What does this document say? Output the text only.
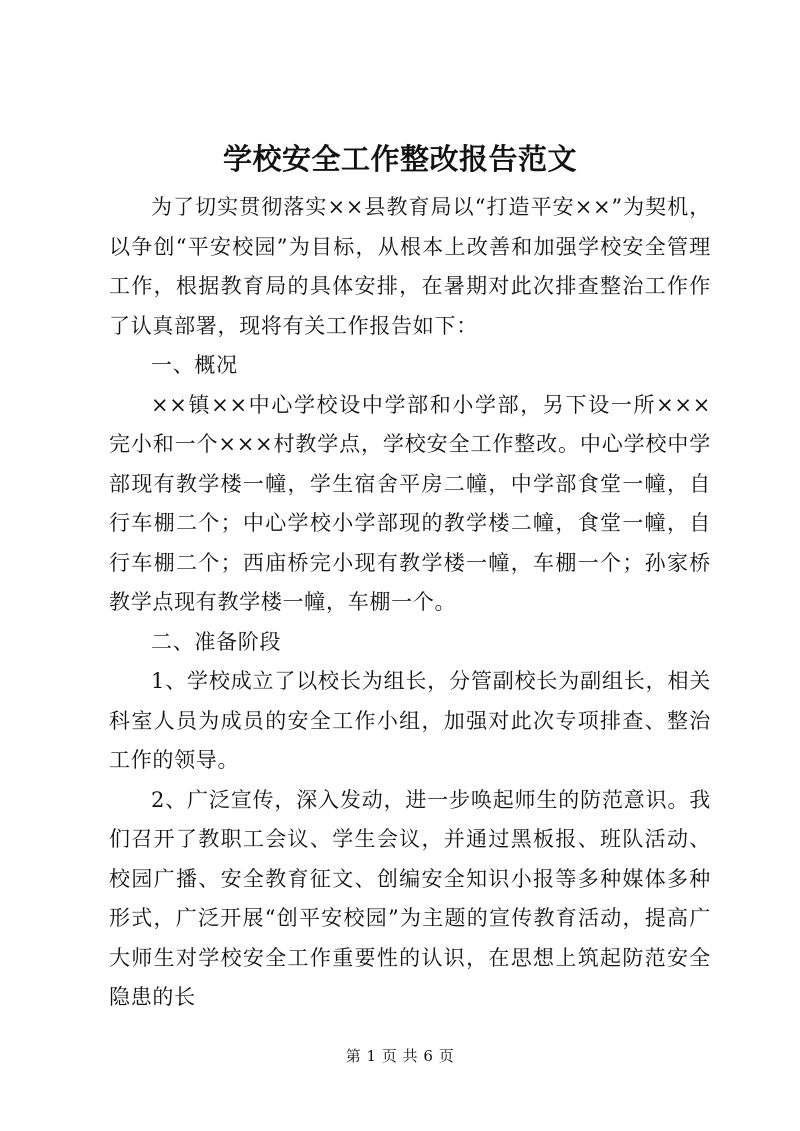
学校安全工作整改报告范文

为了切实贯彻落实××县教育局以“打造平安××”为契机，以争创“平安校园”为目标，从根本上改善和加强学校安全管理工作，根据教育局的具体安排，在暑期对此次排查整治工作作了认真部署，现将有关工作报告如下：

一、概况

××镇××中心学校设中学部和小学部，另下设一所×××完小和一个×××村教学点，学校安全工作整改。中心学校中学部现有教学楼一幢，学生宿舍平房二幢，中学部食堂一幢，自行车棚二个；中心学校小学部现的教学楼二幢，食堂一幢，自行车棚二个；西庙桥完小现有教学楼一幢，车棚一个；孙家桥教学点现有教学楼一幢，车棚一个。

二、准备阶段

1、学校成立了以校长为组长，分管副校长为副组长，相关科室人员为成员的安全工作小组，加强对此次专项排查、整治工作的领导。

2、广泛宣传，深入发动，进一步唤起师生的防范意识。我们召开了教职工会议、学生会议，并通过黑板报、班队活动、校园广播、安全教育征文、创编安全知识小报等多种媒体多种形式，广泛开展“创平安校园”为主题的宣传教育活动，提高广大师生对学校安全工作重要性的认识，在思想上筑起防范安全隐患的长

第 1 页 共 6 页
